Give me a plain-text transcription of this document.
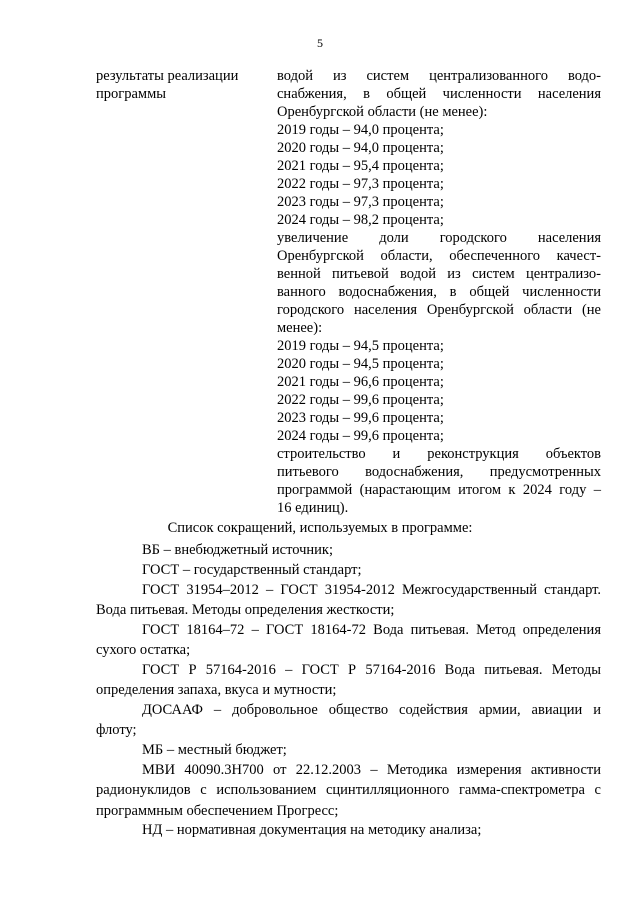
5
результаты реализации
программы
водой из систем централизованного водо-
снабжения, в общей численности населения
Оренбургской области (не менее):
2019 годы – 94,0 процента;
2020 годы – 94,0 процента;
2021 годы – 95,4 процента;
2022 годы – 97,3 процента;
2023 годы – 97,3 процента;
2024 годы – 98,2 процента;
увеличение доли городского населения
Оренбургской области, обеспеченного качест-
венной питьевой водой из систем централизо-
ванного водоснабжения, в общей численности
городского населения Оренбургской области (не
менее):
2019 годы – 94,5 процента;
2020 годы – 94,5 процента;
2021 годы – 96,6 процента;
2022 годы – 99,6 процента;
2023 годы – 99,6 процента;
2024 годы – 99,6 процента;
строительство и реконструкция объектов
питьевого водоснабжения, предусмотренных
программой (нарастающим итогом к 2024 году –
16 единиц).
Список сокращений, используемых в программе:
ВБ – внебюджетный источник;
ГОСТ – государственный стандарт;
ГОСТ 31954–2012 – ГОСТ 31954-2012 Межгосударственный стандарт.
Вода питьевая. Методы определения жесткости;
ГОСТ 18164–72 – ГОСТ 18164-72 Вода питьевая. Метод определения
сухого остатка;
ГОСТ Р 57164-2016 – ГОСТ Р 57164-2016 Вода питьевая. Методы
определения запаха, вкуса и мутности;
ДОСААФ – добровольное общество содействия армии, авиации и
флоту;
МБ – местный бюджет;
МВИ 40090.3Н700 от 22.12.2003 – Методика измерения активности
радионуклидов с использованием сцинтилляционного гамма-спектрометра с
программным обеспечением Прогресс;
НД – нормативная документация на методику анализа;
